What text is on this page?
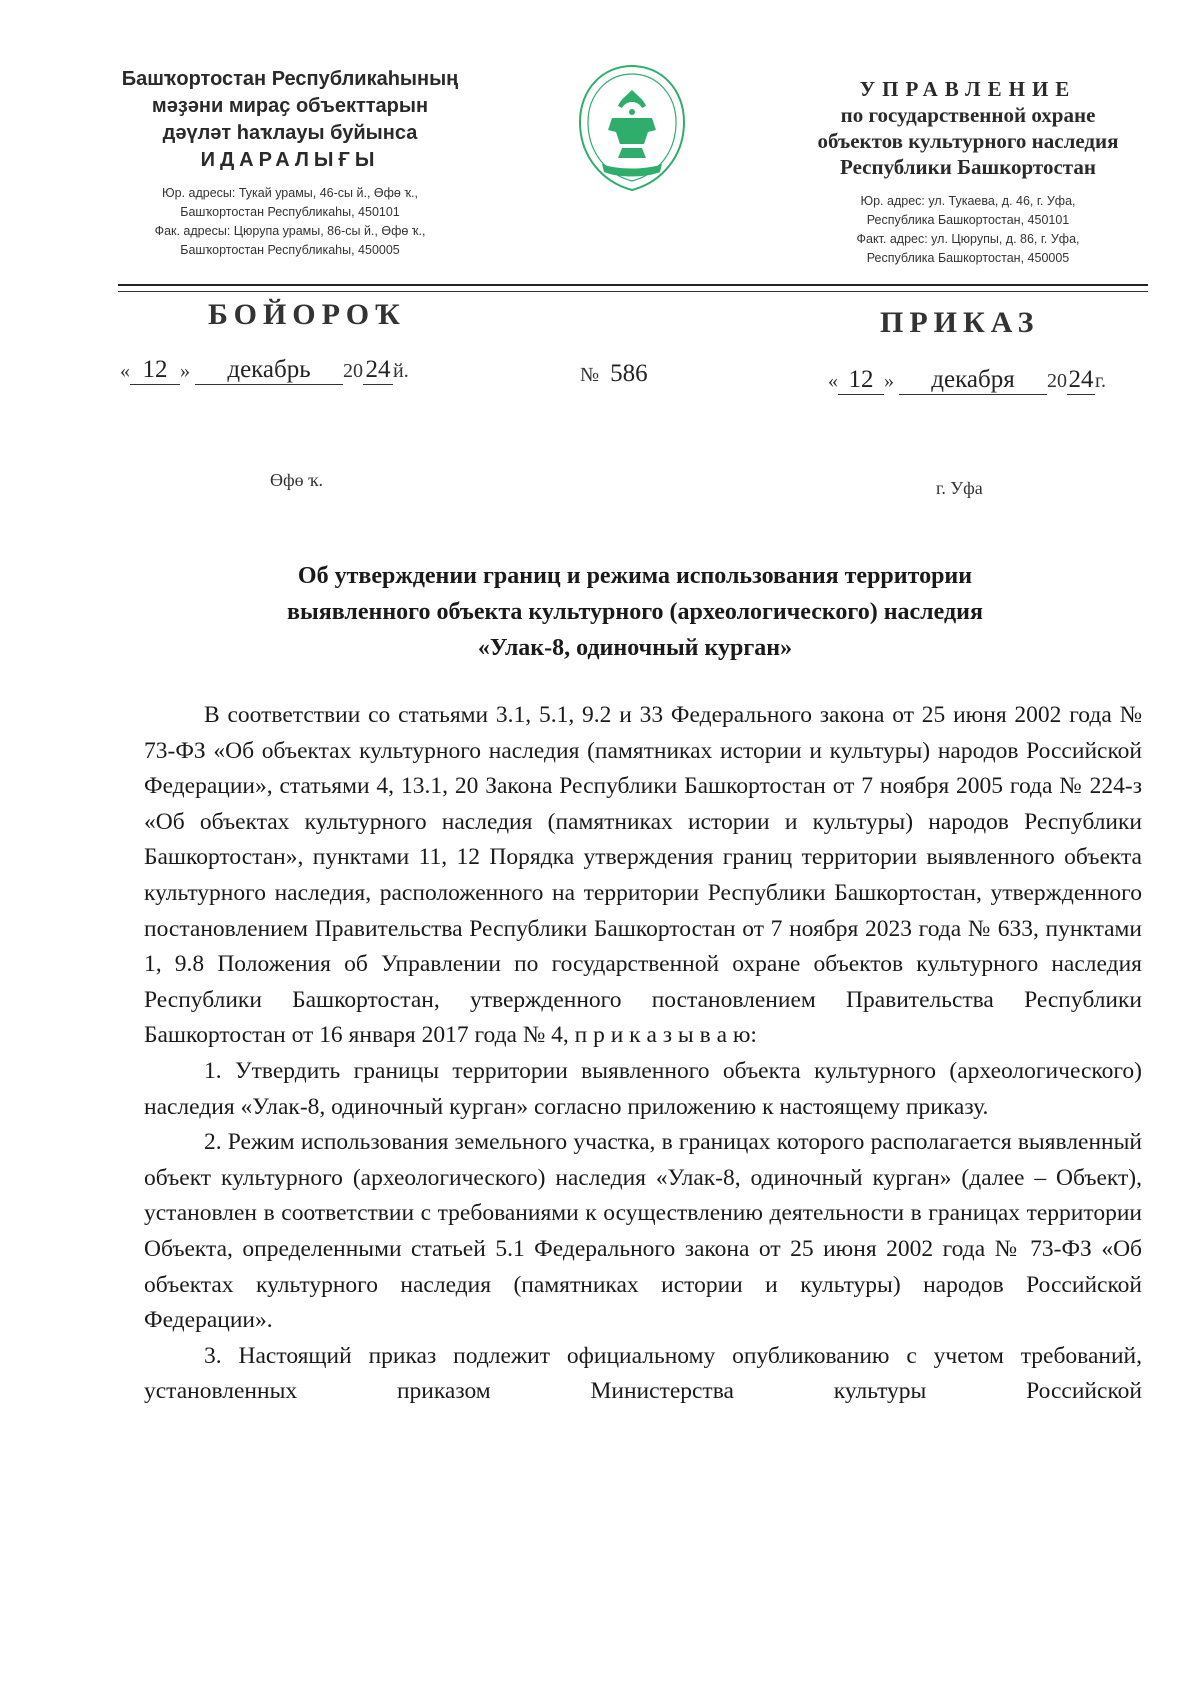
Башҡортостан Республикаһының
мәҙәни мираҫ объекттарын
дәүләт һаҡлауы буйынса
ИДАРАЛЫҒЫ
Юр. адресы: Тукай урамы, 46-сы й., Өфө ҡ.,
Башҡортостан Республикаһы, 450101
Фак. адресы: Цюрупа урамы, 86-сы й., Өфө ҡ.,
Башҡортостан Республикаһы, 450005
УПРАВЛЕНИЕ
по государственной охране
объектов культурного наследия
Республики Башкортостан
Юр. адрес: ул. Тукаева, д. 46, г. Уфа,
Республика Башкортостан, 450101
Факт. адрес: ул. Цюрупы, д. 86, г. Уфа,
Республика Башкортостан, 450005
БОЙОРОҠ	ПРИКАЗ
« 12 » декабрь 20 24 й.	№ 586	« 12 » декабря 2024г.
Өфө ҡ.	г. Уфа
Об утверждении границ и режима использования территории
выявленного объекта культурного (археологического) наследия
«Улак-8, одиночный курган»

В соответствии со статьями 3.1, 5.1, 9.2 и 33 Федерального закона от 25 июня 2002 года № 73-ФЗ «Об объектах культурного наследия (памятниках истории и культуры) народов Российской Федерации», статьями 4, 13.1, 20 Закона Республики Башкортостан от 7 ноября 2005 года № 224-з «Об объектах культурного наследия (памятниках истории и культуры) народов Республики Башкортостан», пунктами 11, 12 Порядка утверждения границ территории выявленного объекта культурного наследия, расположенного на территории Республики Башкортостан, утвержденного постановлением Правительства Республики Башкортостан от 7 ноября 2023 года № 633, пунктами 1, 9.8 Положения об Управлении по государственной охране объектов культурного наследия Республики Башкортостан, утвержденного постановлением Правительства Республики Башкортостан от 16 января 2017 года № 4, п р и к а з ы в а ю:

1. Утвердить границы территории выявленного объекта культурного (археологического) наследия «Улак-8, одиночный курган» согласно приложению к настоящему приказу.

2. Режим использования земельного участка, в границах которого располагается выявленный объект культурного (археологического) наследия «Улак-8, одиночный курган» (далее – Объект), установлен в соответствии с требованиями к осуществлению деятельности в границах территории Объекта, определенными статьей 5.1 Федерального закона от 25 июня 2002 года № 73-ФЗ «Об объектах культурного наследия (памятниках истории и культуры) народов Российской Федерации».

3. Настоящий приказ подлежит официальному опубликованию с учетом требований, установленных приказом Министерства культуры Российской
